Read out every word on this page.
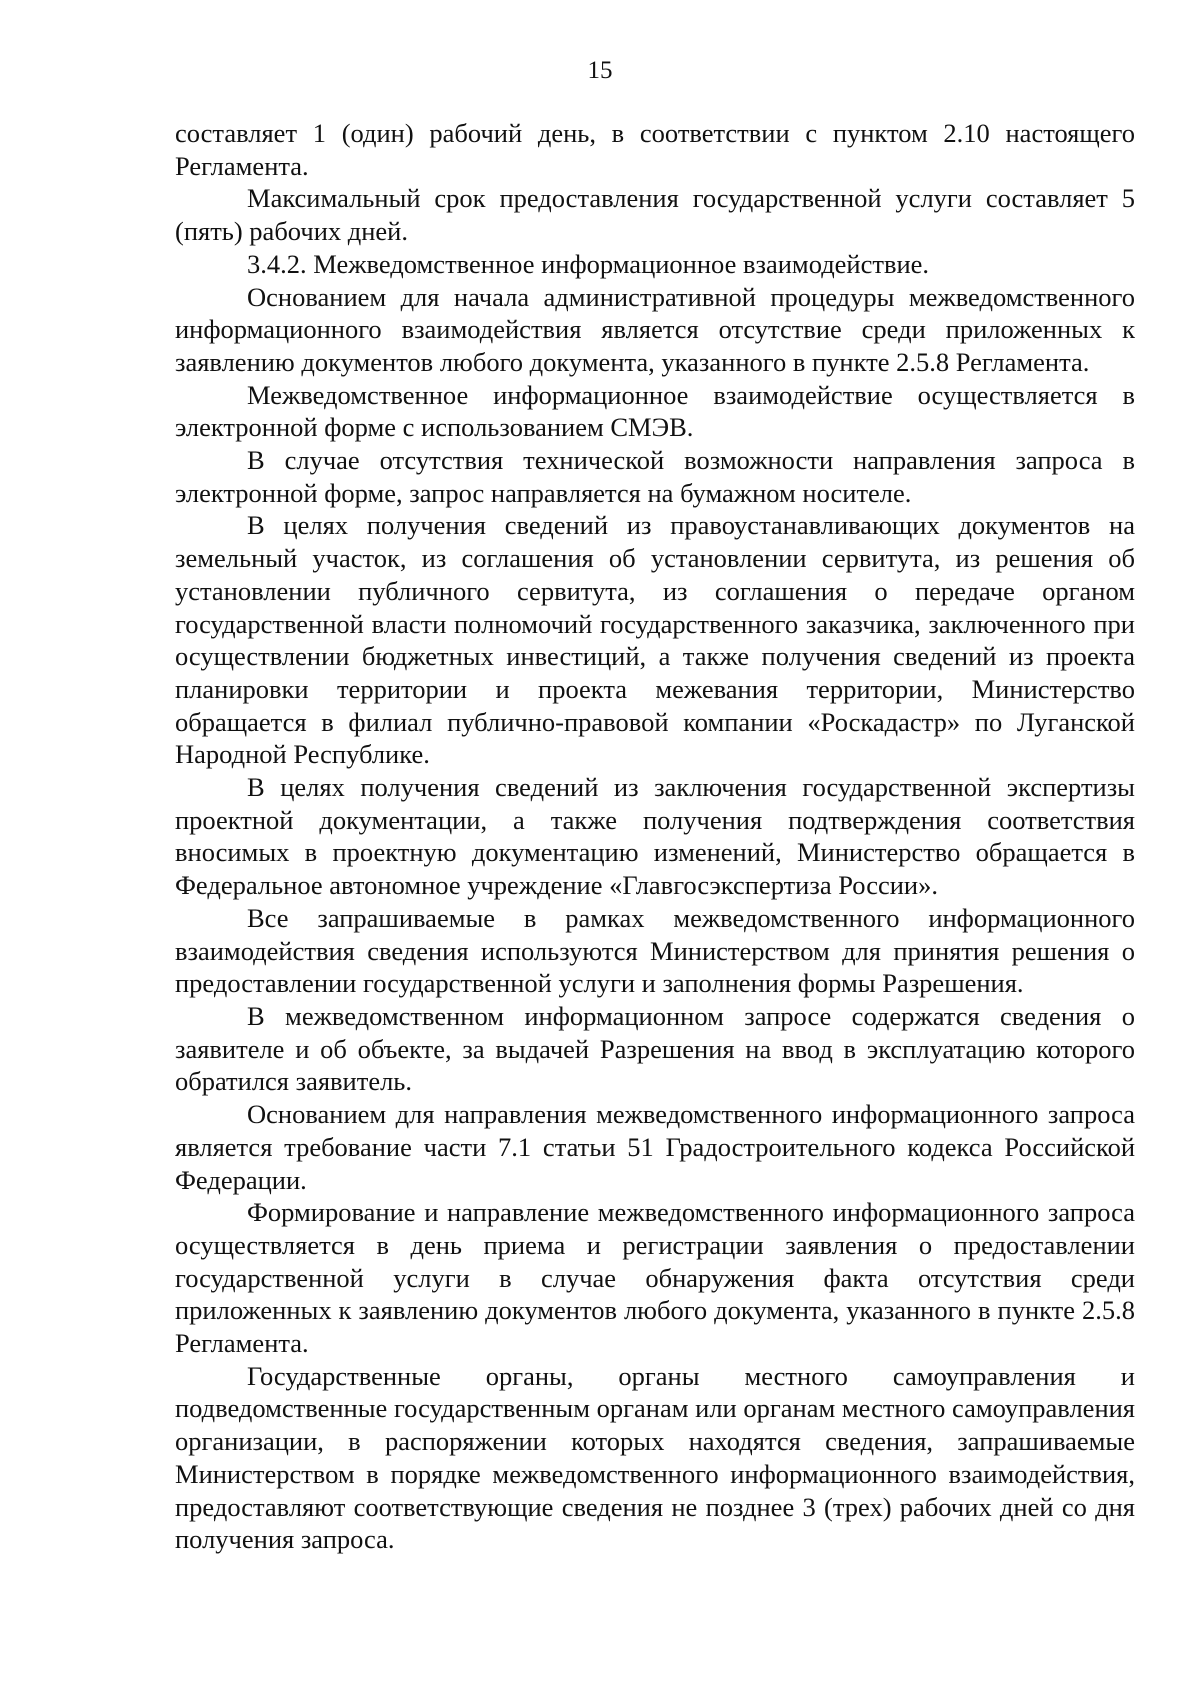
15

составляет 1 (один) рабочий день, в соответствии с пунктом 2.10 настоящего Регламента.

Максимальный срок предоставления государственной услуги составляет 5 (пять) рабочих дней.

3.4.2. Межведомственное информационное взаимодействие.

Основанием для начала административной процедуры межведомственного информационного взаимодействия является отсутствие среди приложенных к заявлению документов любого документа, указанного в пункте 2.5.8 Регламента.

Межведомственное информационное взаимодействие осуществляется в электронной форме с использованием СМЭВ.

В случае отсутствия технической возможности направления запроса в электронной форме, запрос направляется на бумажном носителе.

В целях получения сведений из правоустанавливающих документов на земельный участок, из соглашения об установлении сервитута, из решения об установлении публичного сервитута, из соглашения о передаче органом государственной власти полномочий государственного заказчика, заключенного при осуществлении бюджетных инвестиций, а также получения сведений из проекта планировки территории и проекта межевания территории, Министерство обращается в филиал публично-правовой компании «Роскадастр» по Луганской Народной Республике.

В целях получения сведений из заключения государственной экспертизы проектной документации, а также получения подтверждения соответствия вносимых в проектную документацию изменений, Министерство обращается в Федеральное автономное учреждение «Главгосэкспертиза России».

Все запрашиваемые в рамках межведомственного информационного взаимодействия сведения используются Министерством для принятия решения о предоставлении государственной услуги и заполнения формы Разрешения.

В межведомственном информационном запросе содержатся сведения о заявителе и об объекте, за выдачей Разрешения на ввод в эксплуатацию которого обратился заявитель.

Основанием для направления межведомственного информационного запроса является требование части 7.1 статьи 51 Градостроительного кодекса Российской Федерации.

Формирование и направление межведомственного информационного запроса осуществляется в день приема и регистрации заявления о предоставлении государственной услуги в случае обнаружения факта отсутствия среди приложенных к заявлению документов любого документа, указанного в пункте 2.5.8 Регламента.

Государственные органы, органы местного самоуправления и подведомственные государственным органам или органам местного самоуправления организации, в распоряжении которых находятся сведения, запрашиваемые Министерством в порядке межведомственного информационного взаимодействия, предоставляют соответствующие сведения не позднее 3 (трех) рабочих дней со дня получения запроса.
